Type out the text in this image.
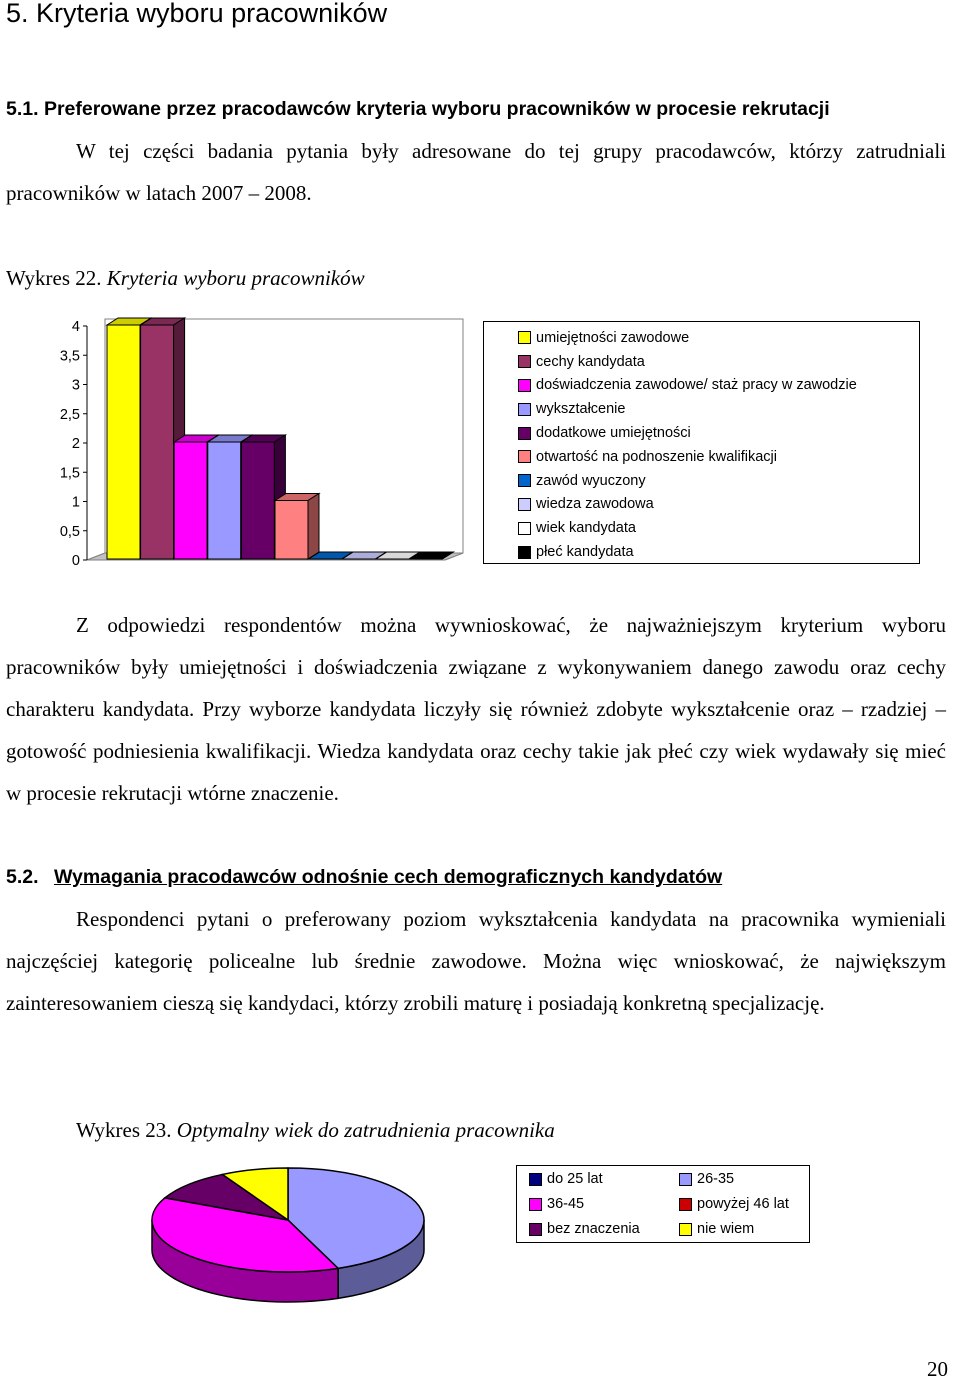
5. Kryteria wyboru pracowników
5.1. Preferowane przez pracodawców kryteria wyboru pracowników w procesie rekrutacji

W tej części badania pytania były adresowane do tej grupy pracodawców, którzy zatrudniali pracowników w latach 2007 – 2008.

Wykres 22. Kryteria wyboru pracowników
0
0,5
1
1,5
2
2,5
3
3,5
4
umiejętności zawodowe
cechy kandydata
doświadczenia zawodowe/ staż pracy w zawodzie
wykształcenie
dodatkowe umiejętności
otwartość na podnoszenie kwalifikacji
zawód wyuczony
wiedza zawodowa
wiek kandydata
płeć kandydata
Z odpowiedzi respondentów można wywnioskować, że najważniejszym kryterium wyboru pracowników były umiejętności i doświadczenia związane z wykonywaniem danego zawodu oraz cechy charakteru kandydata. Przy wyborze kandydata liczyły się również zdobyte wykształcenie oraz – rzadziej – gotowość podniesienia kwalifikacji. Wiedza kandydata oraz cechy takie jak płeć czy wiek wydawały się mieć w procesie rekrutacji wtórne znaczenie.
5.2. Wymagania pracodawców odnośnie cech demograficznych kandydatów
Respondenci pytani o preferowany poziom wykształcenia kandydata na pracownika wymieniali najczęściej kategorię policealne lub średnie zawodowe. Można więc wnioskować, że największym zainteresowaniem cieszą się kandydaci, którzy zrobili maturę i posiadają konkretną specjalizację.
Wykres 23. Optymalny wiek do zatrudnienia pracownika
do 25 lat	26-35
36-45	powyżej 46 lat
bez znaczenia	nie wiem
20
